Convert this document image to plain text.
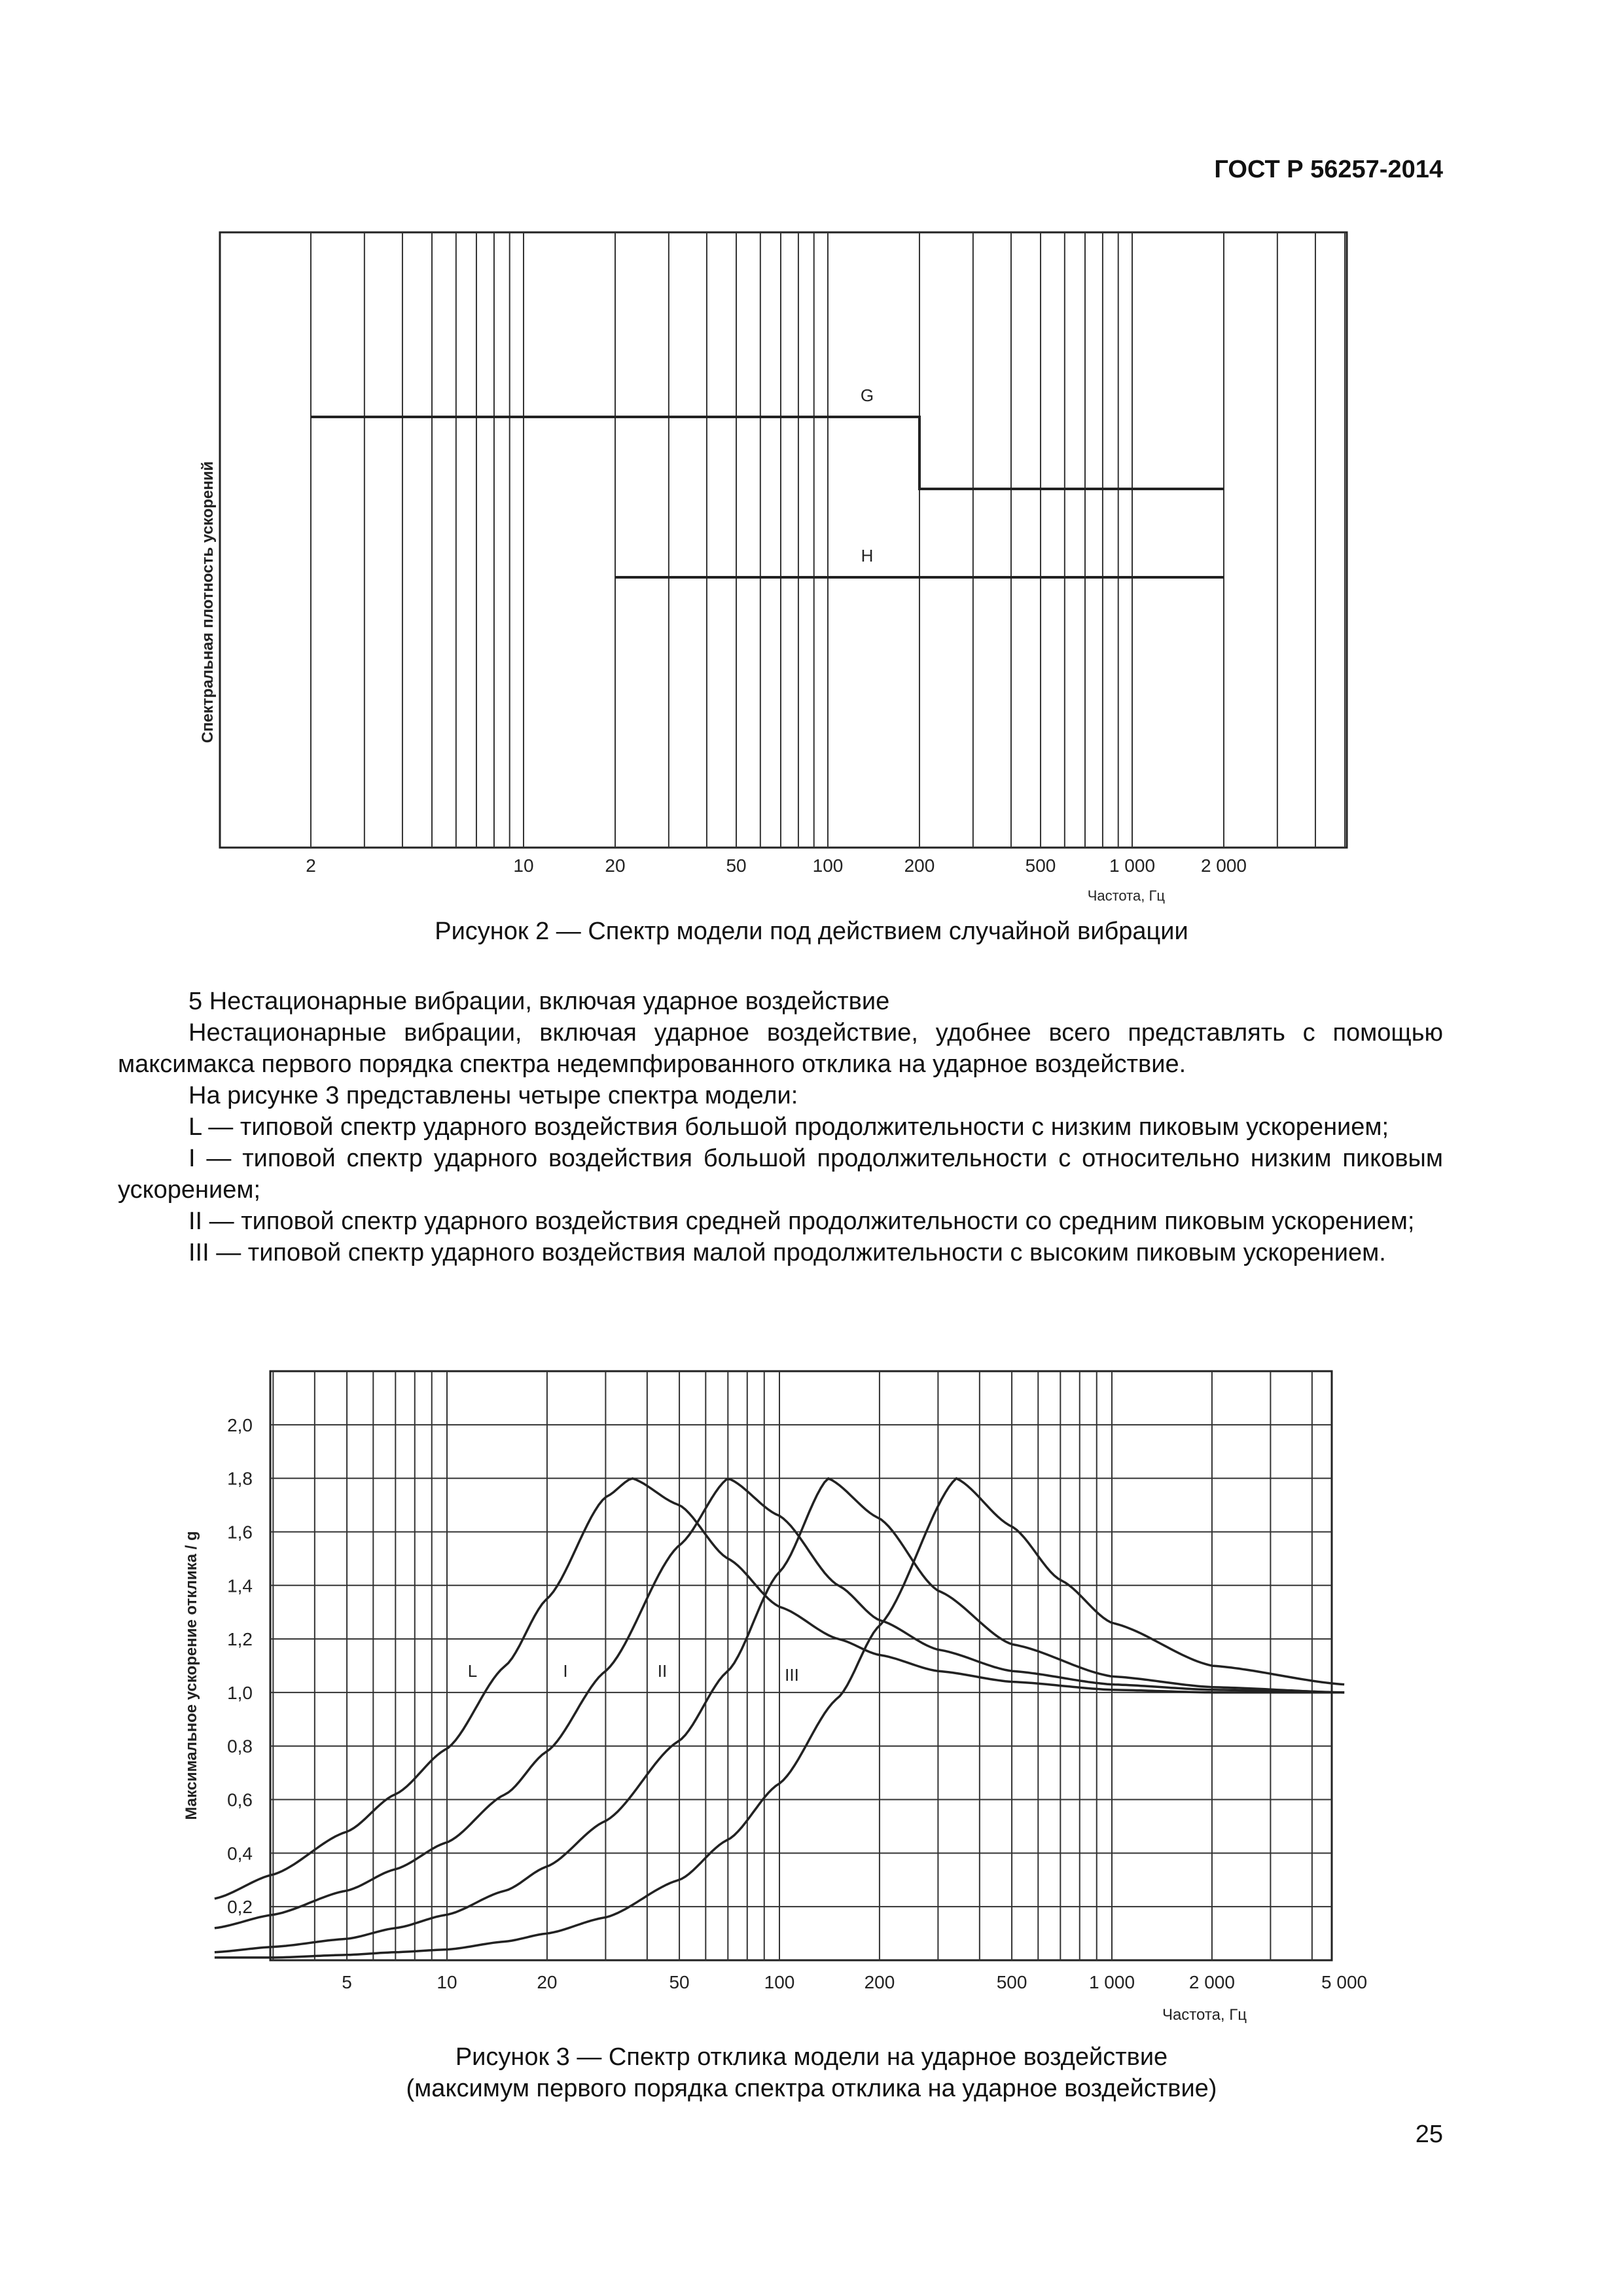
ГОСТ Р 56257-2014
G
H
2	10	20	50	100	200	500	1 000 2 000
Спектральная плотность ускорений
Частота, Гц
Рисунок 2 — Спектр модели под действием случайной вибрации
5 Нестационарные вибрации, включая ударное воздействие
Нестационарные вибрации, включая ударное воздействие, удобнее всего представлять с помощью максимакса первого порядка спектра недемпфированного отклика на ударное воздействие.
На рисунке 3 представлены четыре спектра модели:
L — типовой спектр ударного воздействия большой продолжительности с низким пиковым ускорением;
I — типовой спектр ударного воздействия большой продолжительности с относительно низким пиковым ускорением;
II — типовой спектр ударного воздействия средней продолжительности со средним пиковым ускорением;
III — типовой спектр ударного воздействия малой продолжительности с высоким пиковым ускорением.
5	10	20	50	100	200	500	1 000	2 000	5 000
0,2
0,4
0,6
0,8
1,0
1,2
1,4
1,6
1,8
2,0
L	I	II	III
Максимальное ускорение отклика / g
Частота, Гц
Рисунок 3 — Спектр отклика модели на ударное воздействие
(максимум первого порядка спектра отклика на ударное воздействие)
25
